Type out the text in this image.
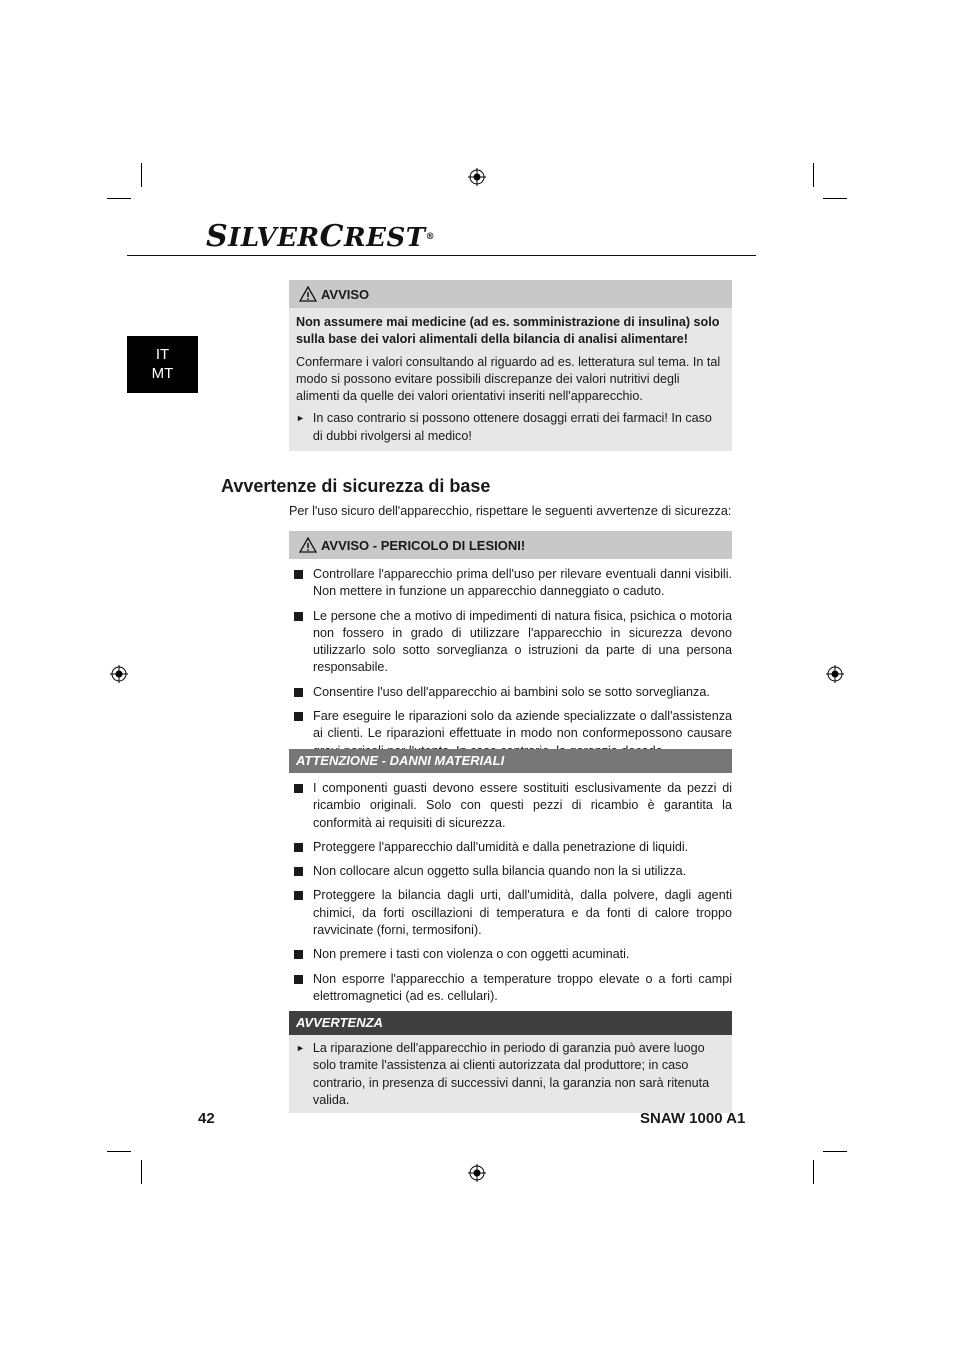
SILVERCREST®
IT
MT
AVVISO

Non assumere mai medicine (ad es. somministrazione di insulina) solo sulla base dei valori alimentali della bilancia di analisi alimentare!

Confermare i valori consultando al riguardo ad es. letteratura sul tema. In tal modo si possono evitare possibili discrepanze dei valori nutritivi degli alimenti da quelle dei valori orientativi inseriti nell'apparecchio.

► In caso contrario si possono ottenere dosaggi errati dei farmaci! In caso di dubbi rivolgersi al medico!
Avvertenze di sicurezza di base
Per l'uso sicuro dell'apparecchio, rispettare le seguenti avvertenze di sicurezza:
AVVISO - PERICOLO DI LESIONI!
Controllare l'apparecchio prima dell'uso per rilevare eventuali danni visibili. Non mettere in funzione un apparecchio danneggiato o caduto.
Le persone che a motivo di impedimenti di natura fisica, psichica o motoria non fossero in grado di utilizzare l'apparecchio in sicurezza devono utilizzarlo solo sotto sorveglianza o istruzioni da parte di una persona responsabile.
Consentire l'uso dell'apparecchio ai bambini solo se sotto sorveglianza.
Fare eseguire le riparazioni solo da aziende specializzate o dall'assistenza ai clienti. Le riparazioni effettuate in modo non conformepossono causare
ATTENZIONE - DANNI MATERIALI
I componenti guasti devono essere sostituiti esclusivamente da pezzi di ricambio originali. Solo con questi pezzi di ricambio è garantita la conformità ai requisiti di sicurezza.
Proteggere l'apparecchio dall'umidità e dalla penetrazione di liquidi.
Non collocare alcun oggetto sulla bilancia quando non la si utilizza.
Proteggere la bilancia dagli urti, dall'umidità, dalla polvere, dagli agenti chimici, da forti oscillazioni di temperatura e da fonti di calore troppo ravvicinate (forni, termosifoni).
Non premere i tasti con violenza o con oggetti acuminati.
Non esporre l'apparecchio a temperature troppo elevate o a forti campi elettromagnetici (ad es. cellulari).
AVVERTENZA
► La riparazione dell'apparecchio in periodo di garanzia può avere luogo solo tramite l'assistenza ai clienti autorizzata dal produttore; in caso contrario, in presenza di successivi danni, la garanzia non sarà ritenuta valida.
42	SNAW 1000 A1
